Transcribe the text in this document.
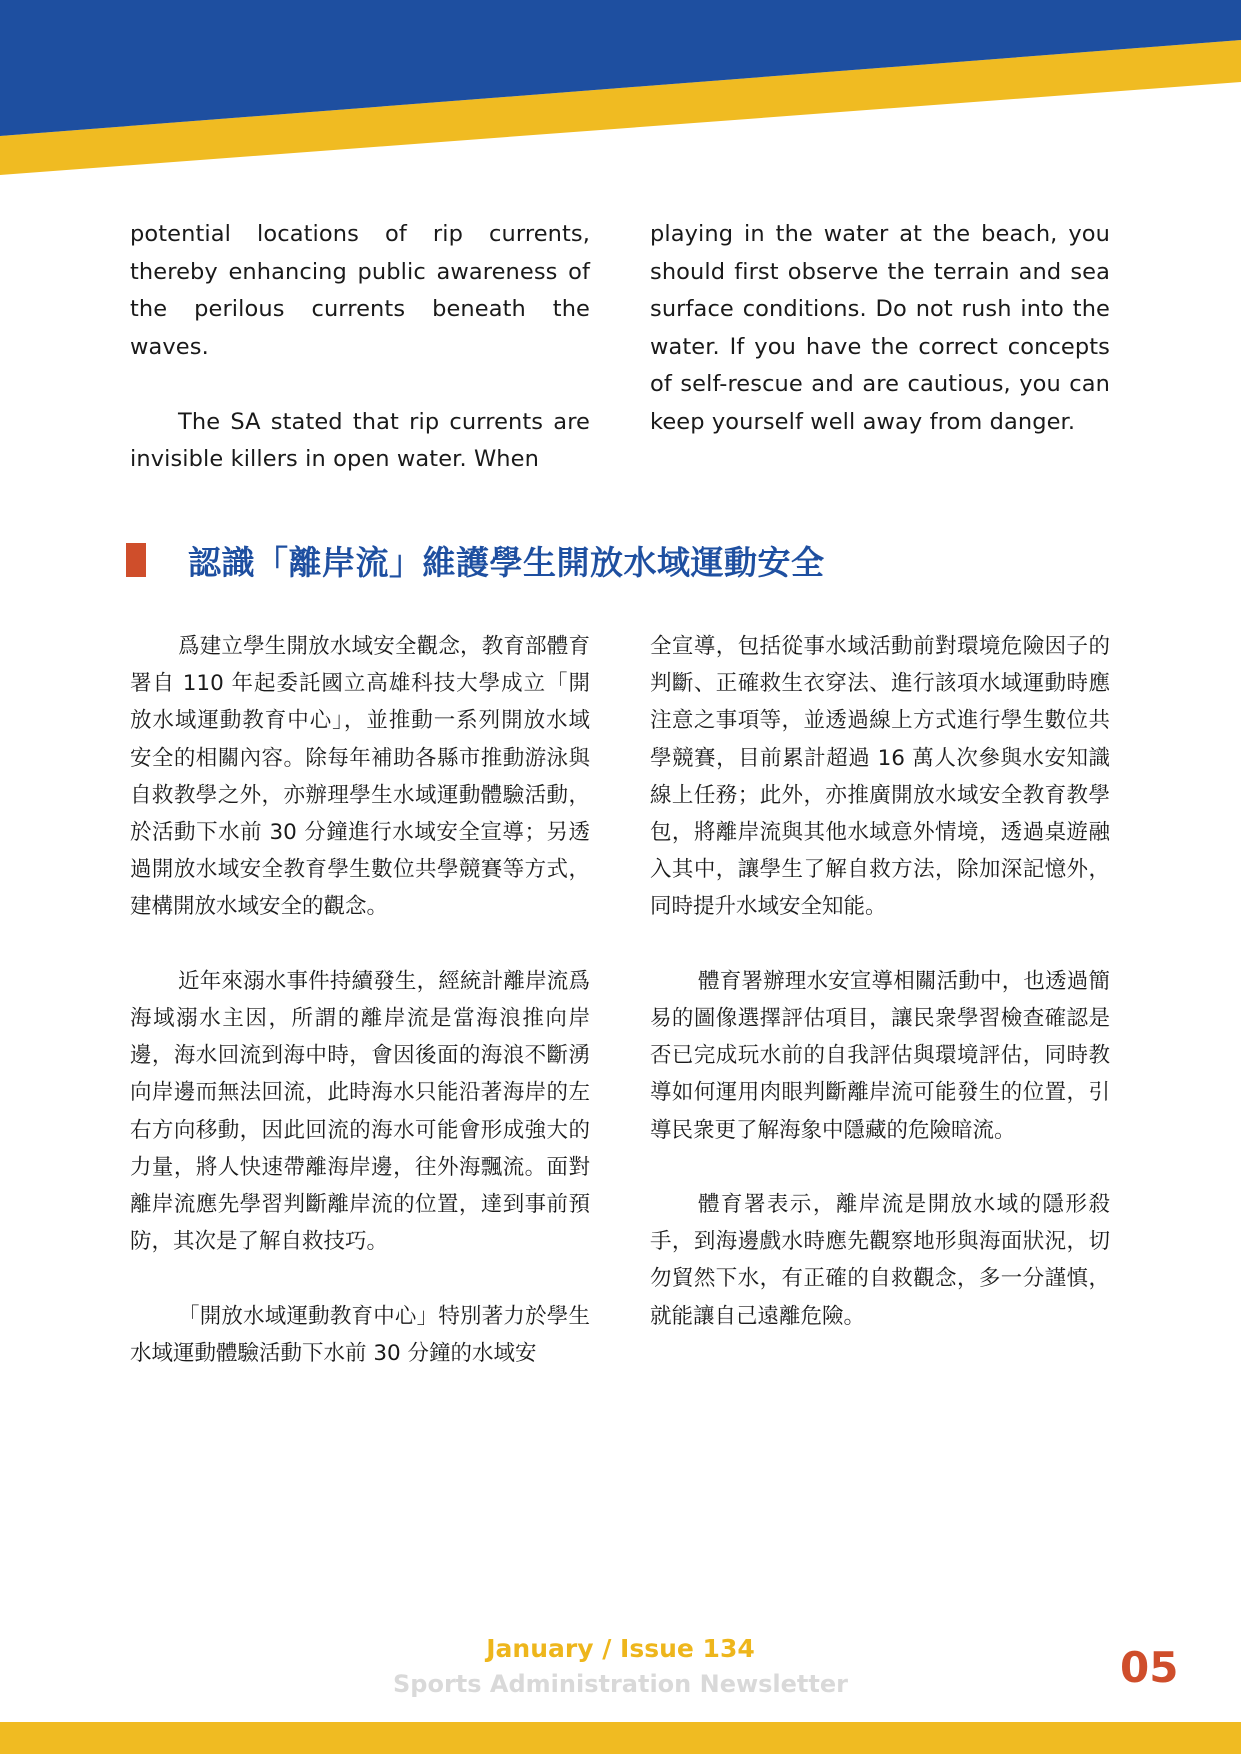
potential locations of rip currents, thereby enhancing public awareness of the perilous currents beneath the waves.

The SA stated that rip currents are invisible killers in open water. When

playing in the water at the beach, you should first observe the terrain and sea surface conditions. Do not rush into the water. If you have the correct concepts of self-rescue and are cautious, you can keep yourself well away from danger.

認識「離岸流」維護學生開放水域運動安全

爲建立學生開放水域安全觀念，教育部體育署自 110 年起委託國立高雄科技大學成立「開放水域運動教育中心」，並推動一系列開放水域安全的相關內容。除每年補助各縣市推動游泳與自救教學之外，亦辦理學生水域運動體驗活動，於活動下水前 30 分鐘進行水域安全宣導；另透過開放水域安全教育學生數位共學競賽等方式，建構開放水域安全的觀念。

近年來溺水事件持續發生，經統計離岸流爲海域溺水主因，所謂的離岸流是當海浪推向岸邊，海水回流到海中時，會因後面的海浪不斷湧向岸邊而無法回流，此時海水只能沿著海岸的左右方向移動，因此回流的海水可能會形成強大的力量，將人快速帶離海岸邊，往外海飄流。面對離岸流應先學習判斷離岸流的位置，達到事前預防，其次是了解自救技巧。

「開放水域運動教育中心」特別著力於學生水域運動體驗活動下水前 30 分鐘的水域安

全宣導，包括從事水域活動前對環境危險因子的判斷、正確救生衣穿法、進行該項水域運動時應注意之事項等，並透過線上方式進行學生數位共學競賽，目前累計超過 16 萬人次參與水安知識線上任務；此外，亦推廣開放水域安全教育教學包，將離岸流與其他水域意外情境，透過桌遊融入其中，讓學生了解自救方法，除加深記憶外，同時提升水域安全知能。

體育署辦理水安宣導相關活動中，也透過簡易的圖像選擇評估項目，讓民衆學習檢查確認是否已完成玩水前的自我評估與環境評估，同時教導如何運用肉眼判斷離岸流可能發生的位置，引導民衆更了解海象中隱藏的危險暗流。

體育署表示，離岸流是開放水域的隱形殺手，到海邊戲水時應先觀察地形與海面狀況，切勿貿然下水，有正確的自救觀念，多一分謹慎，就能讓自己遠離危險。

January / Issue 134
Sports Administration Newsletter	05
